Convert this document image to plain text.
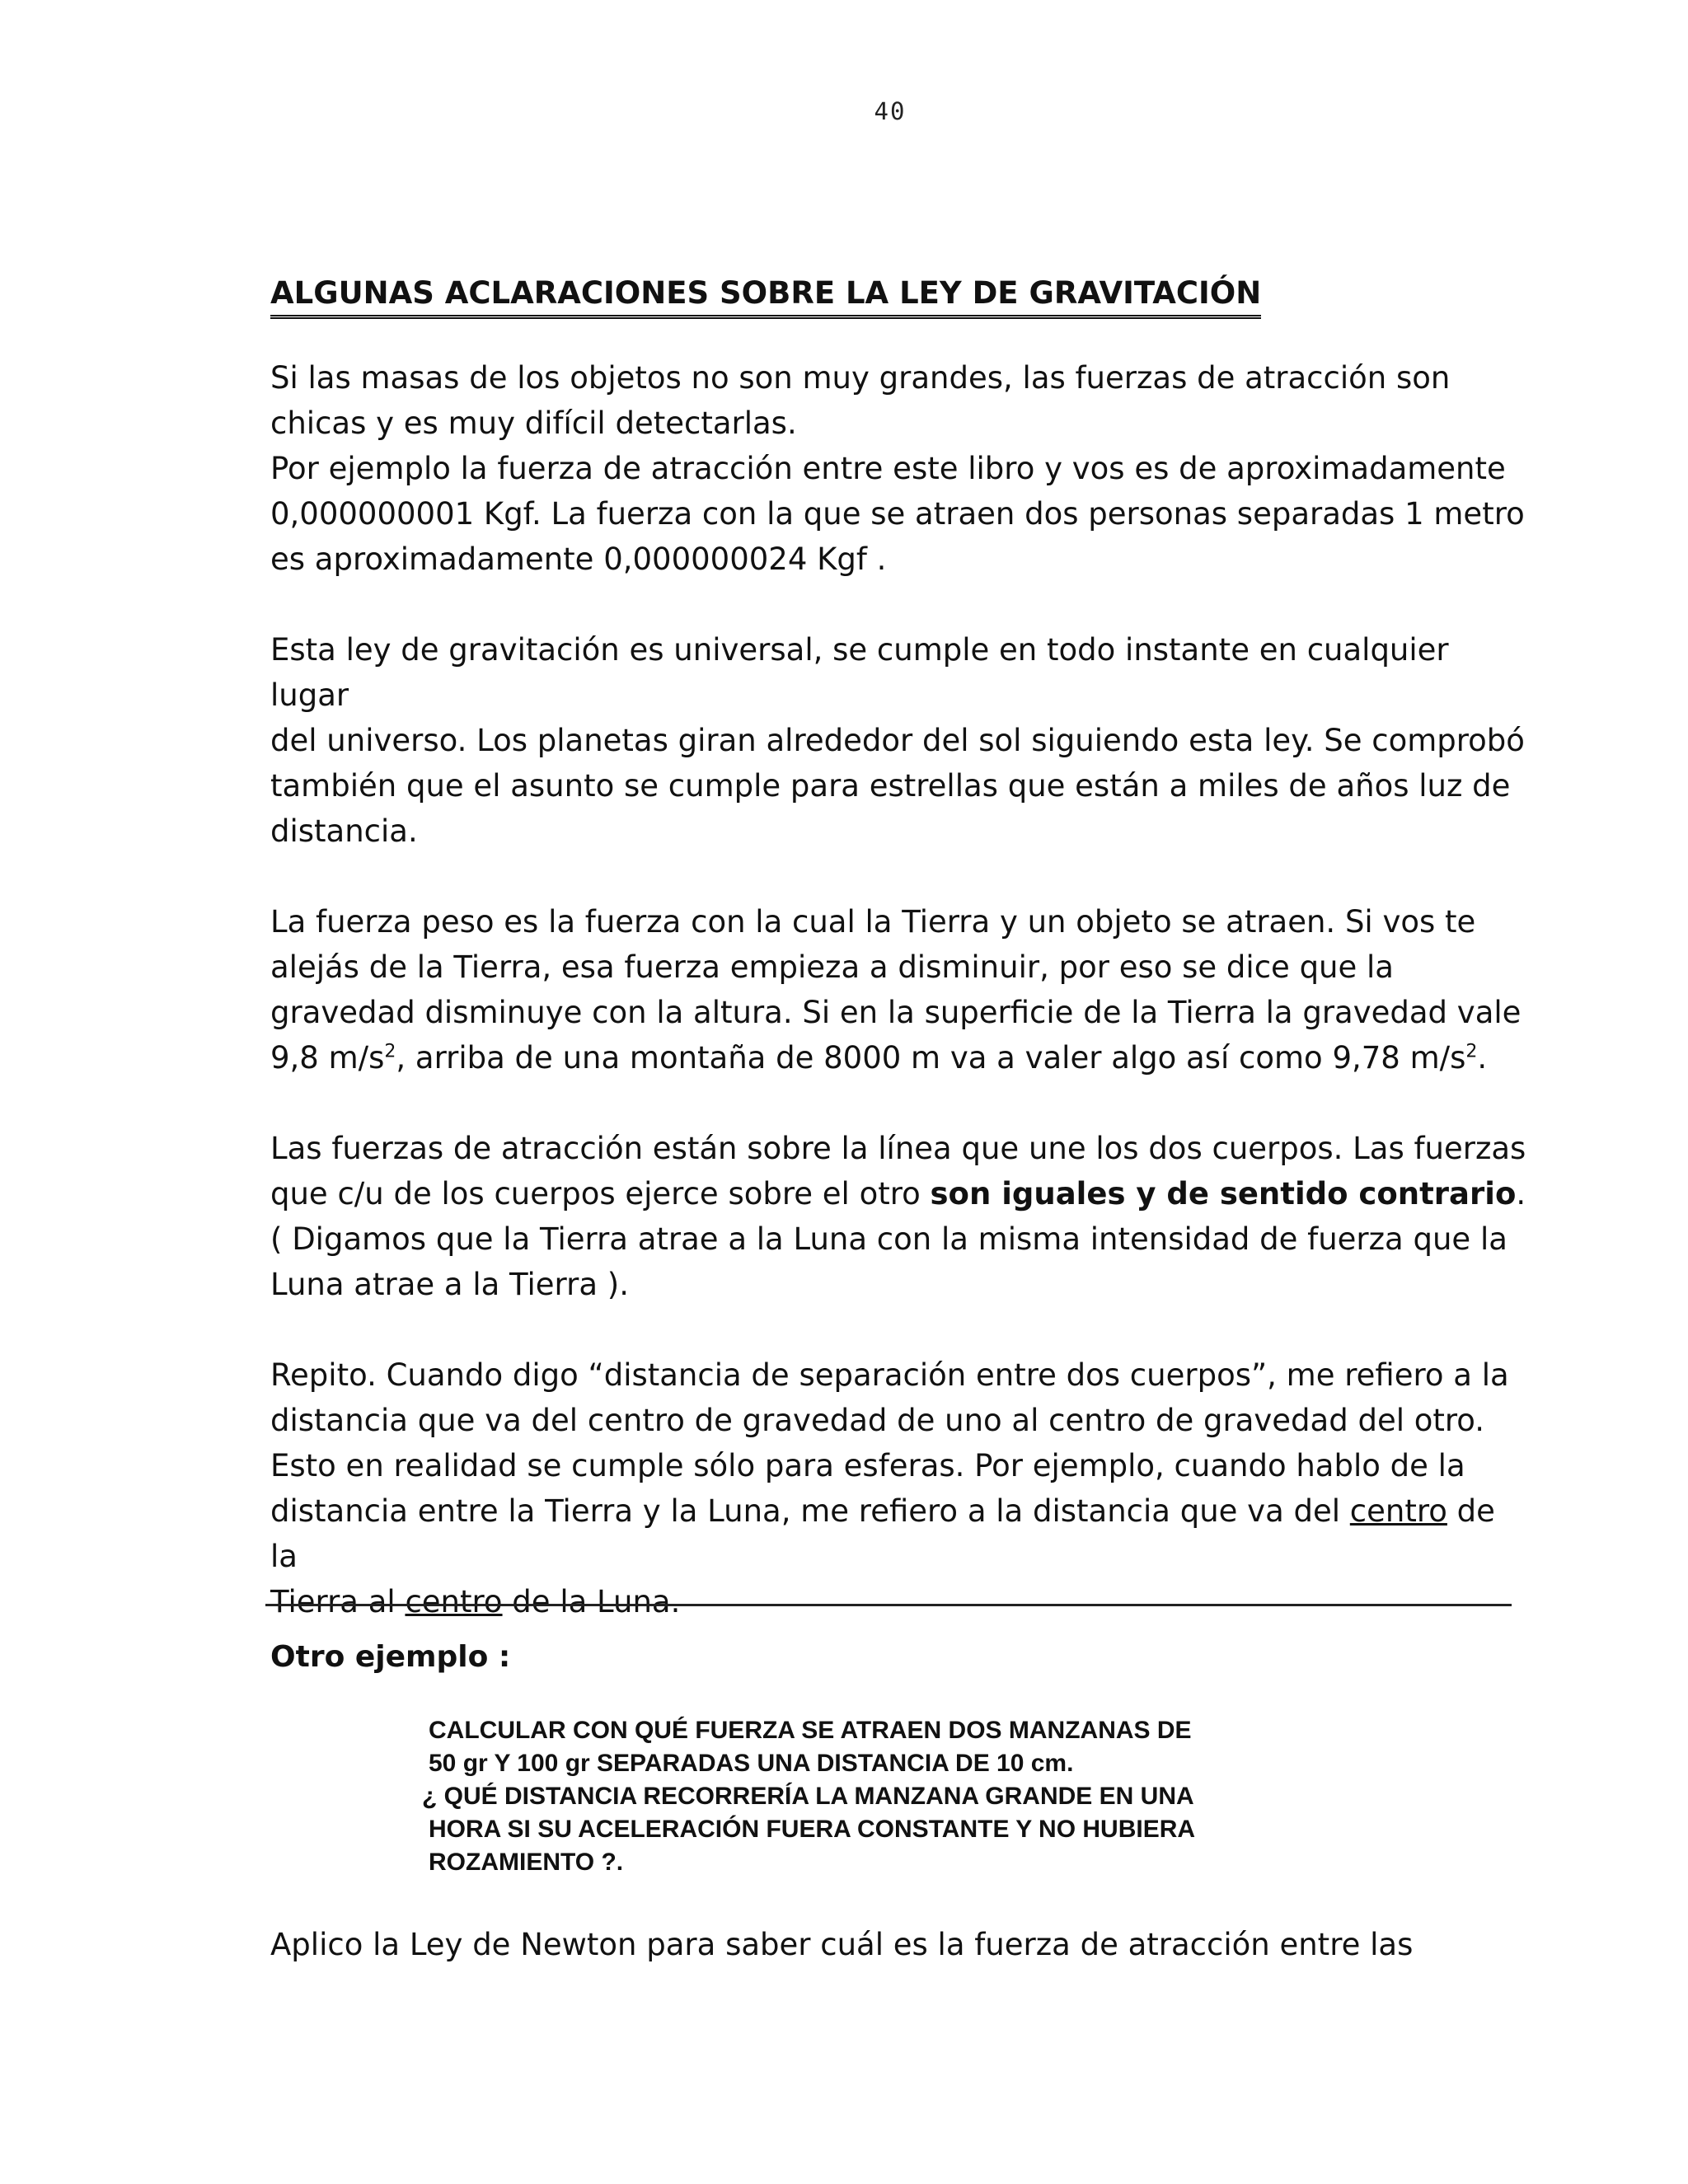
40
ALGUNAS ACLARACIONES SOBRE LA LEY DE GRAVITACIÓN

Si las masas de los objetos no son muy grandes, las fuerzas de atracción son
chicas y es muy difícil detectarlas.
Por ejemplo la fuerza de atracción entre este libro y vos es de aproximadamente
0,000000001 Kgf. La fuerza con la que se atraen dos personas separadas 1 metro
es aproximadamente 0,000000024 Kgf .

Esta ley de gravitación es universal, se cumple en todo instante en cualquier lugar
del universo. Los planetas giran alrededor del sol siguiendo esta ley. Se comprobó
también que el asunto se cumple para estrellas que están a miles de años luz de
distancia.

La fuerza peso es la fuerza con la cual la Tierra y un objeto se atraen. Si vos te
alejás de la Tierra, esa fuerza empieza a disminuir, por eso se dice que la
gravedad disminuye con la altura. Si en la superficie de la Tierra la gravedad vale
9,8 $m/s^2$, arriba de una montaña de 8000 m va a valer algo así como 9,78 $m/s^2$.

Las fuerzas de atracción están sobre la línea que une los dos cuerpos. Las fuerzas
que c/u de los cuerpos ejerce sobre el otro son iguales y de sentido contrario.
( Digamos que la Tierra atrae a la Luna con la misma intensidad de fuerza que la
Luna atrae a la Tierra ).

Repito. Cuando digo “distancia de separación entre dos cuerpos”, me refiero a la
distancia que va del centro de gravedad de uno al centro de gravedad del otro.
Esto en realidad se cumple sólo para esferas. Por ejemplo, cuando hablo de la
distancia entre la Tierra y la Luna, me refiero a la distancia que va del centro de
la
Tierra al centro de la Luna.

Otro ejemplo :

CALCULAR CON QUÉ FUERZA SE ATRAEN DOS MANZANAS DE
50 gr Y 100 gr SEPARADAS UNA DISTANCIA DE 10 cm.
¿ QUÉ DISTANCIA RECORRERÍA LA MANZANA GRANDE EN UNA
HORA SI SU ACELERACIÓN FUERA CONSTANTE Y NO HUBIERA
ROZAMIENTO ?.

Aplico la Ley de Newton para saber cuál es la fuerza de atracción entre las
